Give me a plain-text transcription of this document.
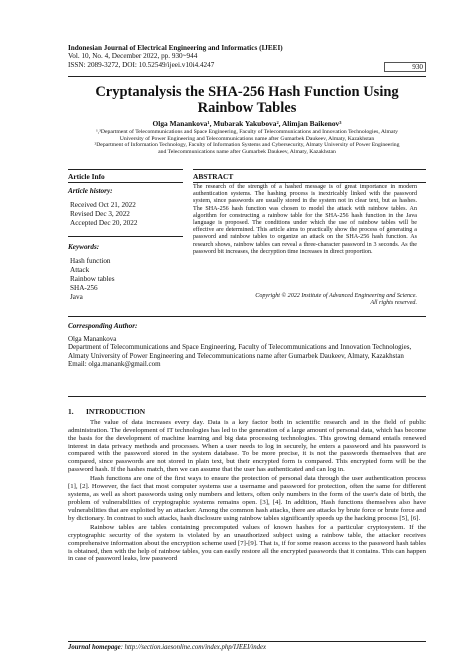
Indonesian Journal of Electrical Engineering and Informatics (IJEEI)
Vol. 10, No. 4, December 2022, pp. 930~944
ISSN: 2089-3272, DOI: 10.52549/ijeei.v10i4.4247	930
Cryptanalysis the SHA-256 Hash Function Using Rainbow Tables
Olga Manankova¹, Mubarak Yakubova², Alimjan Baikenov³
¹,³Department of Telecommunications and Space Engineering, Faculty of Telecommunications and Innovation Technologies, Almaty
University of Power Engineering and Telecommunications name after Gumarbek Daukeev, Almaty, Kazakhstan
²Department of Information Technology, Faculty of Information Systems and Cybersecurity, Almaty University of Power Engineering
and Telecommunications name after Gumarbek Daukeev, Almaty, Kazakhstan
Article Info	ABSTRACT
Article history:
Received Oct 21, 2022
Revised Dec 3, 2022
Accepted Dec 20, 2022
Keywords:
Hash function
Attack
Rainbow tables
SHA-256
Java
The research of the strength of a hashed message is of great importance in modern authentication systems. The hashing process is inextricably linked with the password system, since passwords are usually stored in the system not in clear text, but as hashes. The SHA-256 hash function was chosen to model the attack with rainbow tables. An algorithm for constructing a rainbow table for the SHA-256 hash function in the Java language is proposed. The conditions under which the use of rainbow tables will be effective are determined. This article aims to practically show the process of generating a password and rainbow tables to organize an attack on the SHA-256 hash function. As research shows, rainbow tables can reveal a three-character password in 3 seconds. As the password bit increases, the decryption time increases in direct proportion.
Copyright © 2022 Institute of Advanced Engineering and Science.
All rights reserved.
Corresponding Author:
Olga Manankova
Department of Telecommunications and Space Engineering, Faculty of Telecommunications and Innovation Technologies, Almaty University of Power Engineering and Telecommunications name after Gumarbek Daukeev, Almaty, Kazakhstan
Email: olga.manank@gmail.com
1. INTRODUCTION

The value of data increases every day. Data is a key factor both in scientific research and in the field of public administration. The development of IT technologies has led to the generation of a large amount of personal data, which has become the basis for the development of machine learning and big data processing technologies. This growing demand entails renewed interest in data privacy methods and processes. When a user needs to log in securely, he enters a password and his password is compared with the password stored in the system database. To be more precise, it is not the passwords themselves that are compared, since passwords are not stored in plain text, but their encrypted form is compared. This encrypted form will be the password hash. If the hashes match, then we can assume that the user has authenticated and can log in.

Hash functions are one of the first ways to ensure the protection of personal data through the user authentication process [1], [2]. However, the fact that most computer systems use a username and password for protection, often the same for different systems, as well as short passwords using only numbers and letters, often only numbers in the form of the user's date of birth, the problem of vulnerabilities of cryptographic systems remains open. [3], [4]. In addition, Hash functions themselves also have vulnerabilities that are exploited by an attacker. Among the common hash attacks, there are attacks by brute force or brute force and by dictionary. In contrast to such attacks, hash disclosure using rainbow tables significantly speeds up the hacking process [5], [6].

Rainbow tables are tables containing precomputed values of known hashes for a particular cryptosystem. If the cryptographic security of the system is violated by an unauthorized subject using a rainbow table, the attacker receives comprehensive information about the encryption scheme used [7]-[9]. That is, if for some reason access to the password hash tables is obtained, then with the help of rainbow tables, you can easily restore all the encrypted passwords that it contains. This can happen in case of password leaks, low password

Journal homepage: http://section.iaesonline.com/index.php/IJEEI/index
